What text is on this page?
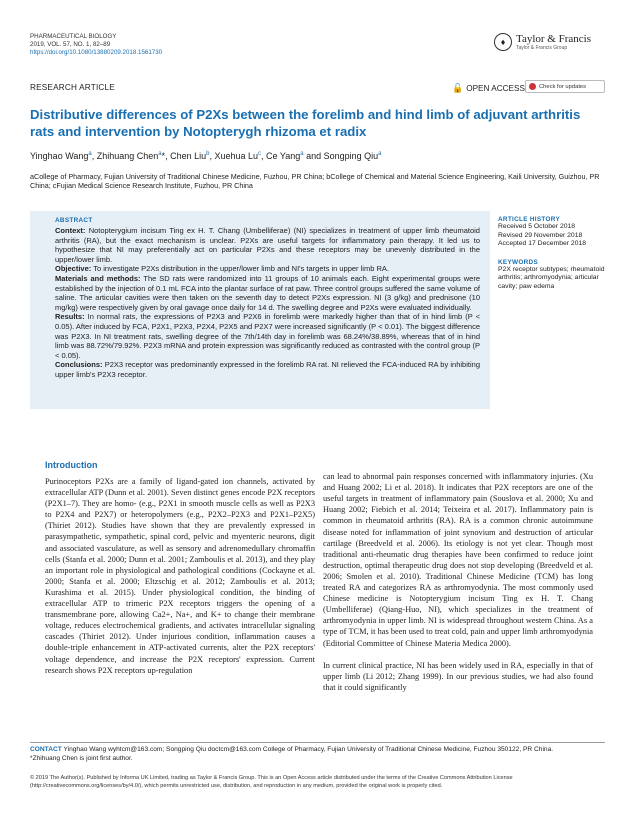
PHARMACEUTICAL BIOLOGY
2019, VOL. 57, NO. 1, 82–89
https://doi.org/10.1080/13880209.2018.1561730
♦ Taylor & Francis
Taylor & Francis Group
RESEARCH ARTICLE	🔓 OPEN ACCESS Check for updates
Distributive differences of P2Xs between the forelimb and hind limb of adjuvant arthritis rats and intervention by Notopterygh rhizoma et radix
Yinghao Wang$^a$, Zhihuang Chen$^a$*, Chen Liu$^b$, Xuehua Lu$^c$, Ce Yang$^a$ and Songping Qiu$^a$
aCollege of Pharmacy, Fujian University of Traditional Chinese Medicine, Fuzhou, PR China; bCollege of Chemical and Material Science Engineering, Kaili University, Guizhou, PR China; cFujian Medical Science Research Institute, Fuzhou, PR China
ABSTRACT

Context: Notopterygium incisum Ting ex H. T. Chang (Umbelliferae) (NI) specializes in treatment of upper limb rheumatoid arthritis (RA), but the exact mechanism is unclear. P2Xs are useful targets for inflammatory pain therapy. It led us to hypothesize that NI may preferentially act on particular P2Xs and these receptors may be unevenly distributed in the upper/lower limb.

Objective: To investigate P2Xs distribution in the upper/lower limb and NI's targets in upper limb RA.

Materials and methods: The SD rats were randomized into 11 groups of 10 animals each. Eight experimental groups were established by the injection of 0.1 mL FCA into the plantar surface of rat paw. Three control groups suffered the same volume of saline. The articular cavities were then taken on the seventh day to detect P2Xs expression. NI (3 g/kg) and prednisone (10 mg/kg) were respectively given by oral gavage once daily for 14 d. The swelling degree and P2Xs were evaluated individually.

Results: In normal rats, the expressions of P2X3 and P2X6 in forelimb were markedly higher than that of in hind limb (P < 0.05). After induced by FCA, P2X1, P2X3, P2X4, P2X5 and P2X7 were increased significantly (P < 0.01). The biggest difference was P2X3. In NI treatment rats, swelling degree of the 7th/14th day in forelimb was 68.24%/38.89%, whereas that of in hind limb was 88.72%/79.92%. P2X3 mRNA and protein expression was significantly reduced as contrasted with the control group (P < 0.05).

Conclusions: P2X3 receptor was predominantly expressed in the forelimb RA rat. NI relieved the FCA-induced RA by inhibiting upper limb's P2X3 receptor.

ARTICLE HISTORY
Received 5 October 2018
Revised 29 November 2018
Accepted 17 December 2018
KEYWORDS
P2X receptor subtypes; rheumatoid arthritis; arthromyodynia; articular cavity; paw edema
Introduction

Purinoceptors P2Xs are a family of ligand-gated ion channels, activated by extracellular ATP (Dunn et al. 2001). Seven distinct genes encode P2X receptors (P2X1–7). They are homo- (e.g., P2X1 in smooth muscle cells as well as P2X3 to P2X4 and P2X7) or heteropolymers (e.g., P2X2–P2X3 and P2X1–P2X5) (Thiriet 2012). Studies have shown that they are prevalently expressed in parasympathetic, sympathetic, spinal cord, pelvic and myenteric neurons, digit and associated vasculature, as well as sensory and adrenomedullary chromaffin cells (Stanfa et al. 2000; Dunn et al. 2001; Zamboulis et al. 2013), and they play an important role in physiological and pathological conditions (Cockayne et al. 2000; Stanfa et al. 2000; Eltzschig et al. 2012; Zamboulis et al. 2013; Kurashima et al. 2015). Under physiological condition, the binding of extracellular ATP to trimeric P2X receptors triggers the opening of a transmembrane pore, allowing Ca2+, Na+, and K+ to change their membrane voltage, reduces electrochemical gradients, and activates intracellular signaling cascades (Thiriet 2012). Under injurious condition, inflammation causes a double-triple enhancement in ATP-activated currents, alter the P2X receptors' voltage dependence, and increase the P2X receptors' expression. Current research shows P2X receptors up-regulation

can lead to abnormal pain responses concerned with inflammatory injuries. (Xu and Huang 2002; Li et al. 2018). It indicates that P2X receptors are one of the useful targets in treatment of inflammatory pain (Souslova et al. 2000; Xu and Huang 2002; Fiebich et al. 2014; Teixeira et al. 2017). Inflammatory pain is common in rheumatoid arthritis (RA). RA is a common chronic autoimmune disease noted for inflammation of joint synovium and destruction of articular cartilage (Breedveld et al. 2006). Its etiology is not yet clear. Though most traditional anti-rheumatic drug therapies have been confirmed to reduce joint destruction, optimal therapeutic drug does not stop developing (Breedveld et al. 2006; Smolen et al. 2010). Traditional Chinese Medicine (TCM) has long treated RA and categorizes RA as arthromyodynia. The most commonly used Chinese medicine is Notopterygium incisum Ting ex H. T. Chang (Umbelliferae) (Qiang-Huo, NI), which specializes in the treatment of arthromyodynia in upper limb. NI is widespread throughout western China. As a type of TCM, it has been used to treat cold, pain and upper limb arthromyodynia (Editorial Committee of Chinese Materia Medica 2000).

In current clinical practice, NI has been widely used in RA, especially in that of upper limb (Li 2012; Zhang 1999). In our previous studies, we had also found that it could significantly

CONTACT Yinghao Wang wyhtcm@163.com; Songping Qiu doctcm@163.com College of Pharmacy, Fujian University of Traditional Chinese Medicine, Fuzhou 350122, PR China.
*Zhihuang Chen is joint first author.
© 2019 The Author(s). Published by Informa UK Limited, trading as Taylor & Francis Group. This is an Open Access article distributed under the terms of the Creative Commons Attribution License (http://creativecommons.org/licenses/by/4.0/), which permits unrestricted use, distribution, and reproduction in any medium, provided the original work is properly cited.
